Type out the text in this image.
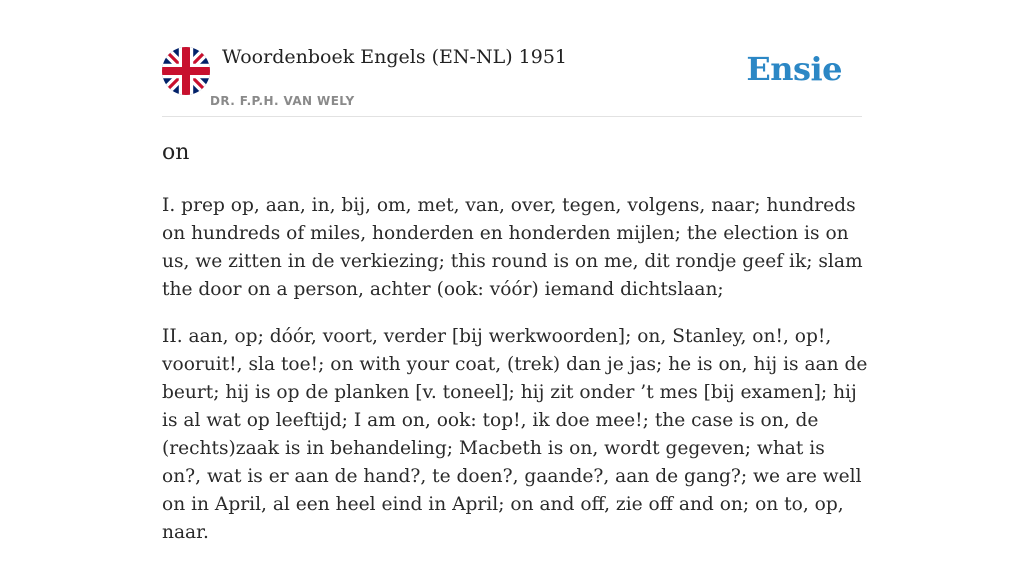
Woordenboek Engels (EN-NL) 1951
DR. F.P.H. VAN WELY
Ensie
on

I. prep op, aan, in, bij, om, met, van, over, tegen, volgens, naar; hundreds on hundreds of miles, honderden en honderden mijlen; the election is on us, we zitten in de verkiezing; this round is on me, dit rondje geef ik; slam the door on a person, achter (ook: vóór) iemand dichtslaan;

II. aan, op; dóór, voort, verder [bij werkwoorden]; on, Stanley, on!, op!, vooruit!, sla toe!; on with your coat, (trek) dan je jas; he is on, hij is aan de beurt; hij is op de planken [v. toneel]; hij zit onder ’t mes [bij examen]; hij is al wat op leeftijd; I am on, ook: top!, ik doe mee!; the case is on, de (rechts)zaak is in behandeling; Macbeth is on, wordt gegeven; what is on?, wat is er aan de hand?, te doen?, gaande?, aan de gang?; we are well on in April, al een heel eind in April; on and off, zie off and on; on to, op, naar.
